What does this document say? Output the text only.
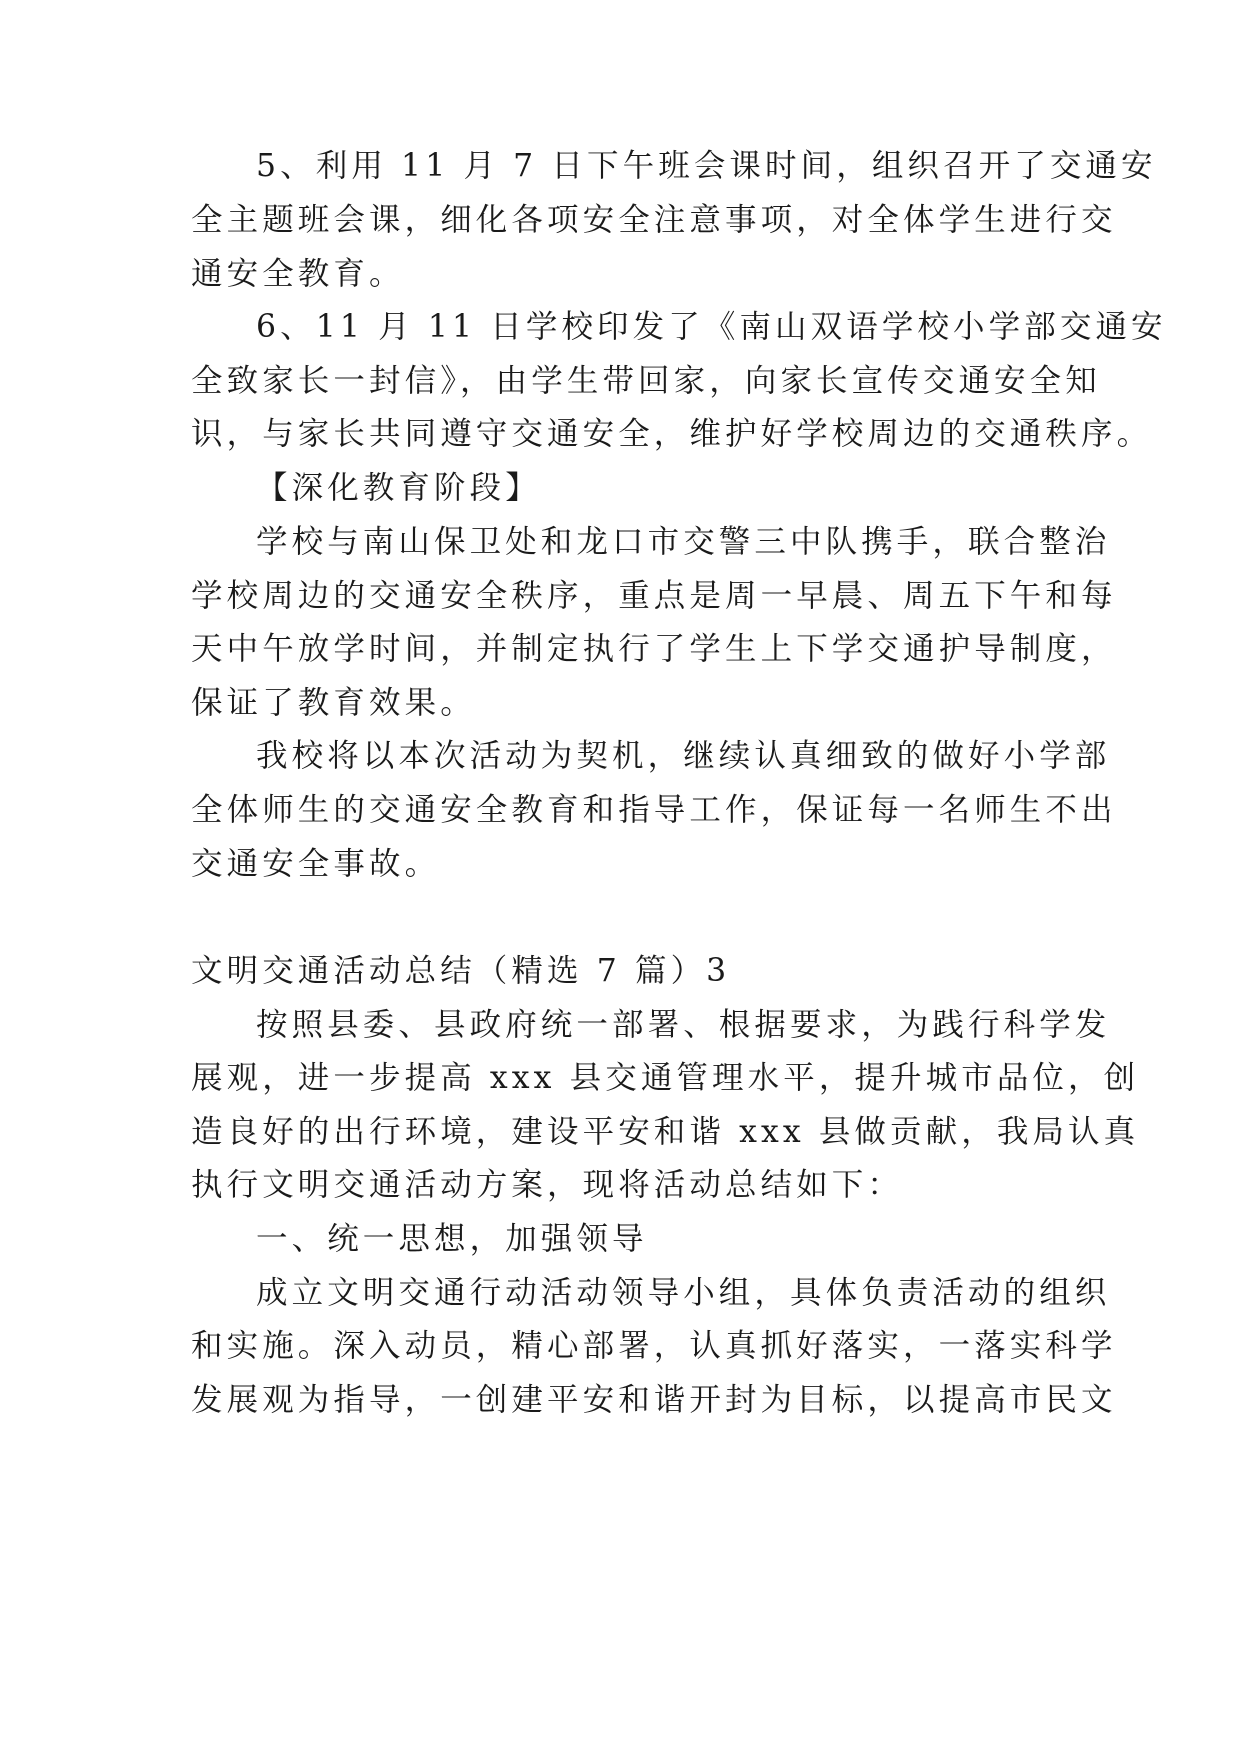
5、利用 11 月 7 日下午班会课时间，组织召开了交通安
全主题班会课，细化各项安全注意事项，对全体学生进行交
通安全教育。
6、11 月 11 日学校印发了《南山双语学校小学部交通安
全致家长一封信》，由学生带回家，向家长宣传交通安全知
识，与家长共同遵守交通安全，维护好学校周边的交通秩序。
【深化教育阶段】
学校与南山保卫处和龙口市交警三中队携手，联合整治
学校周边的交通安全秩序，重点是周一早晨、周五下午和每
天中午放学时间，并制定执行了学生上下学交通护导制度，
保证了教育效果。
我校将以本次活动为契机，继续认真细致的做好小学部
全体师生的交通安全教育和指导工作，保证每一名师生不出
交通安全事故。
文明交通活动总结（精选 7 篇）3
按照县委、县政府统一部署、根据要求，为践行科学发
展观，进一步提高 xxx 县交通管理水平，提升城市品位，创
造良好的出行环境，建设平安和谐 xxx 县做贡献，我局认真
执行文明交通活动方案，现将活动总结如下：
一、统一思想，加强领导
成立文明交通行动活动领导小组，具体负责活动的组织
和实施。深入动员，精心部署，认真抓好落实，一落实科学
发展观为指导，一创建平安和谐开封为目标，以提高市民文
